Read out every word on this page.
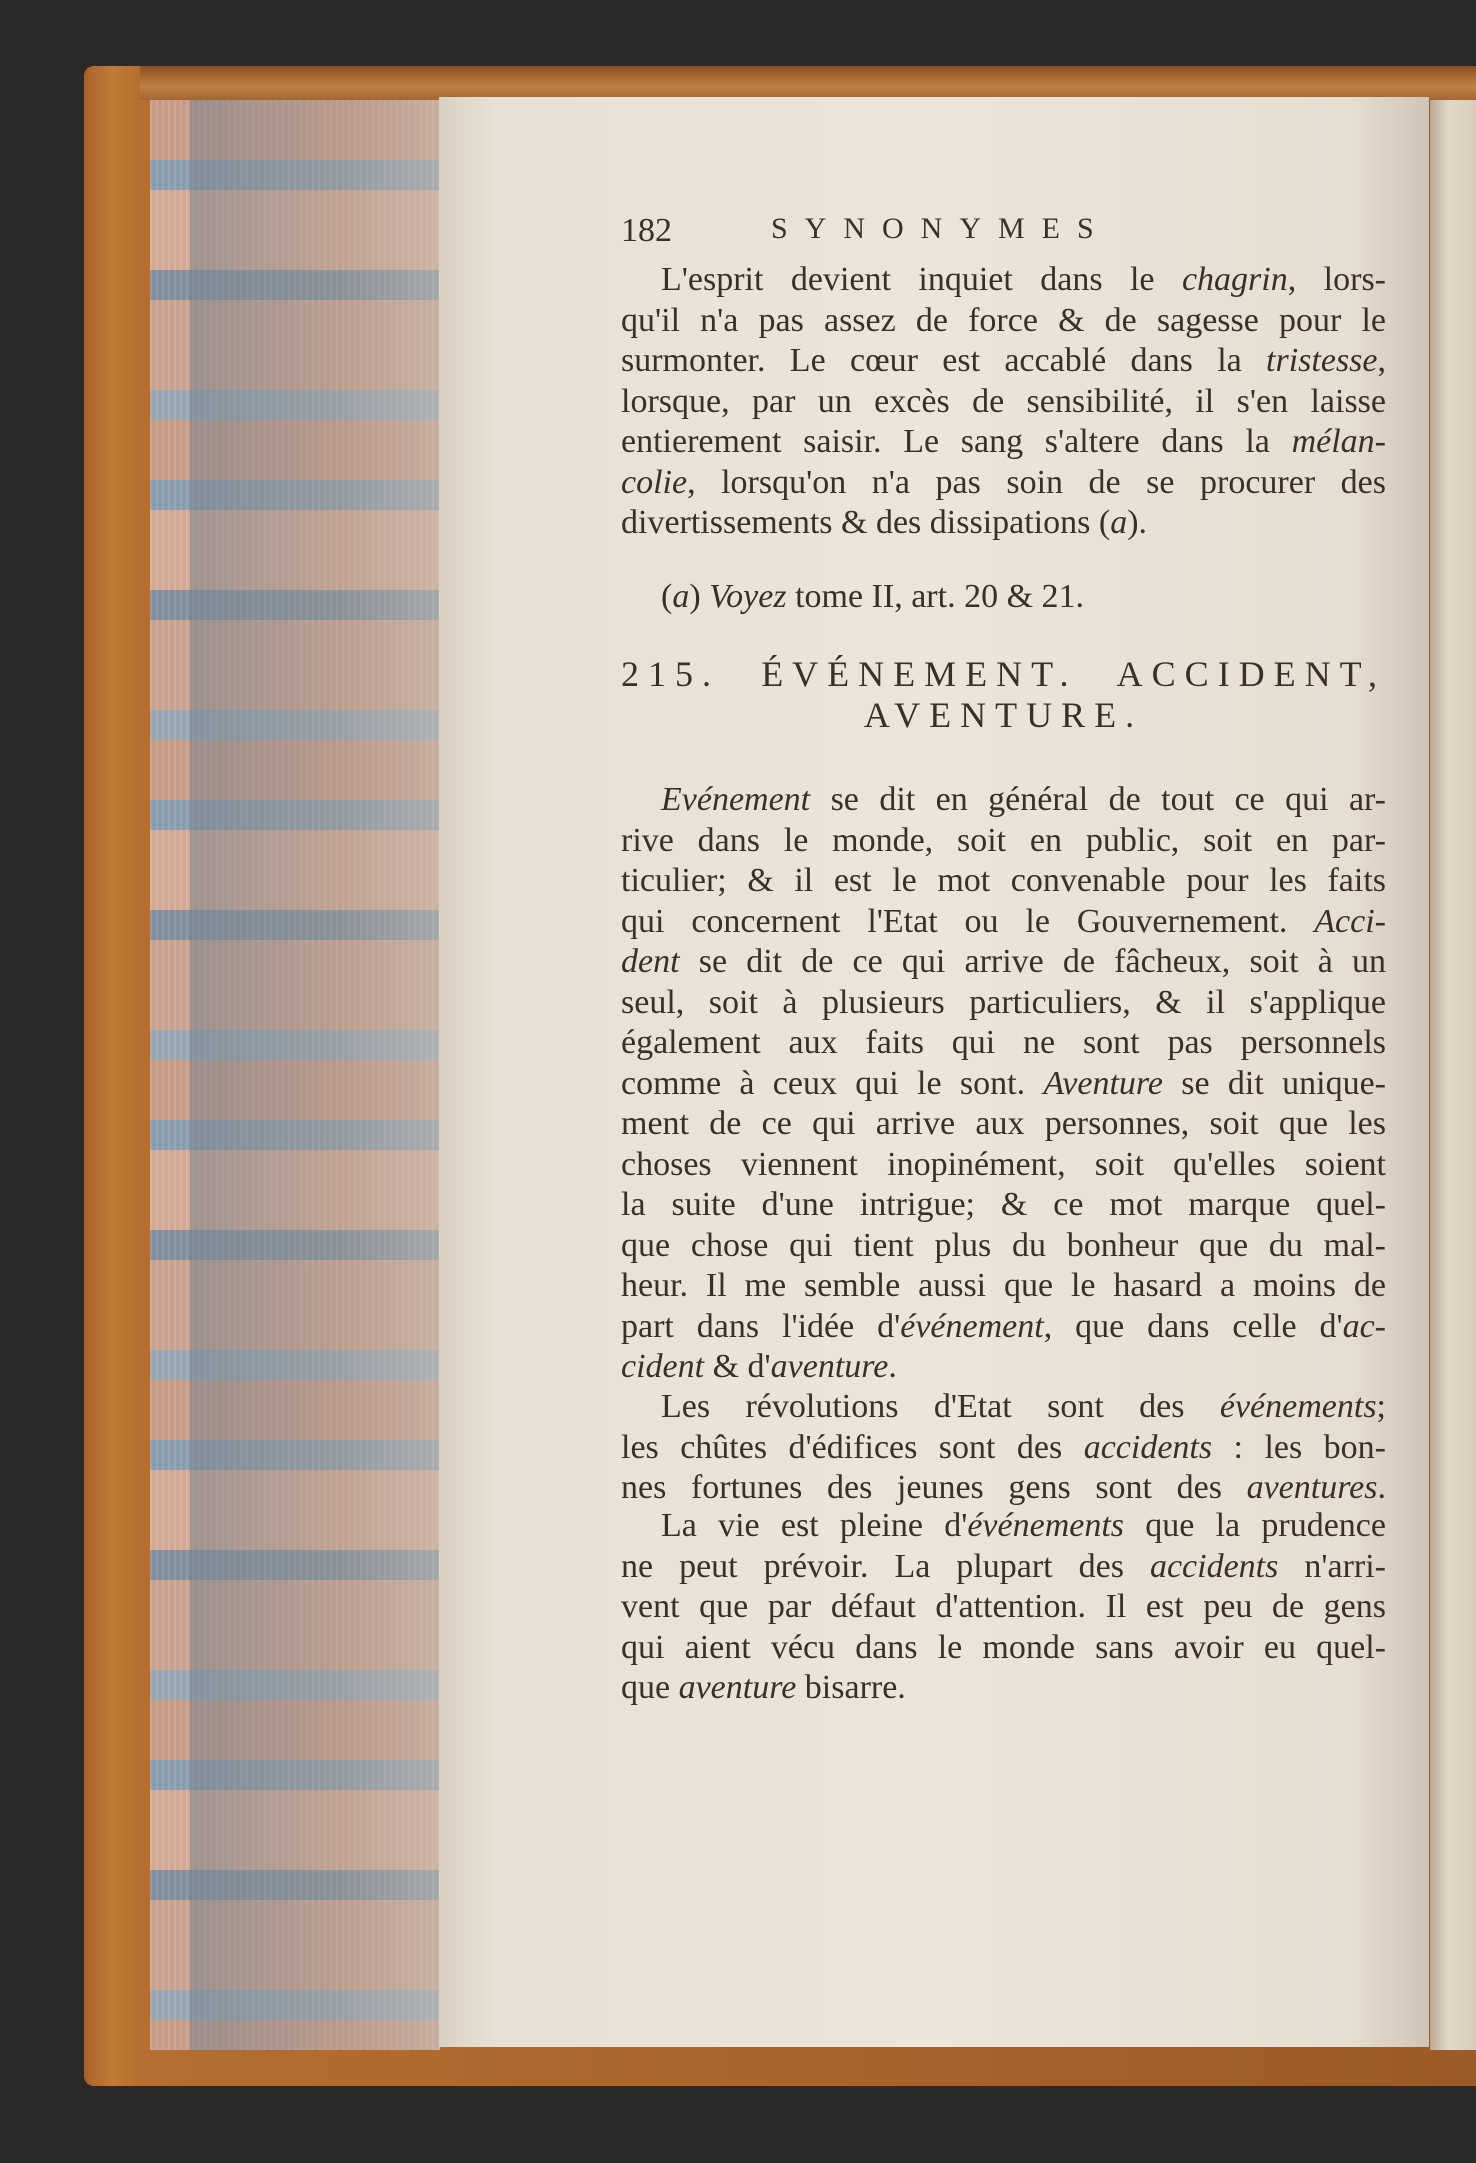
182	SYNONYMES
L'esprit devient inquiet dans le chagrin, lors-
qu'il n'a pas assez de force & de sagesse pour le
surmonter. Le cœur est accablé dans la tristesse,
lorsque, par un excès de sensibilité, il s'en laisse
entierement saisir. Le sang s'altere dans la mélan-
colie, lorsqu'on n'a pas soin de se procurer des
divertissements & des dissipations (a).
(a) Voyez tome II, art. 20 & 21.
215. ÉVÉNEMENT. ACCIDENT,
AVENTURE.
Evénement se dit en général de tout ce qui ar-
rive dans le monde, soit en public, soit en par-
ticulier; & il est le mot convenable pour les faits
qui concernent l'Etat ou le Gouvernement. Acci-
dent se dit de ce qui arrive de fâcheux, soit à un
seul, soit à plusieurs particuliers, & il s'applique
également aux faits qui ne sont pas personnels
comme à ceux qui le sont. Aventure se dit unique-
ment de ce qui arrive aux personnes, soit que les
choses viennent inopinément, soit qu'elles soient
la suite d'une intrigue; & ce mot marque quel-
que chose qui tient plus du bonheur que du mal-
heur. Il me semble aussi que le hasard a moins de
part dans l'idée d'événement, que dans celle d'ac-
cident & d'aventure.
Les révolutions d'Etat sont des événements;
les chûtes d'édifices sont des accidents : les bon-
nes fortunes des jeunes gens sont des aventures.
La vie est pleine d'événements que la prudence
ne peut prévoir. La plupart des accidents n'arri-
vent que par défaut d'attention. Il est peu de gens
qui aient vécu dans le monde sans avoir eu quel-
que aventure bisarre.
